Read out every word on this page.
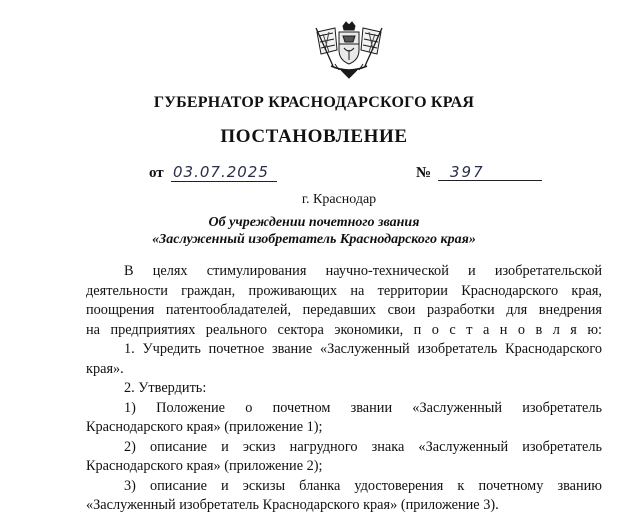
ГУБЕРНАТОР КРАСНОДАРСКОГО КРАЯ
ПОСТАНОВЛЕНИЕ
от 03.07.2025	№	397
г. Краснодар
Об учреждении почетного звания
«Заслуженный изобретатель Краснодарского края»

В целях стимулирования научно-технической и изобретательской

деятельности граждан, проживающих на территории Краснодарского края,

поощрения патентообладателей, передавших свои разработки для внедрения

на предприятиях реального сектора экономики, п о с т а н о в л я ю:

1. Учредить почетное звание «Заслуженный изобретатель Краснодарского

края».

2. Утвердить:

1) Положение о почетном звании «Заслуженный изобретатель

Краснодарского края» (приложение 1);

2) описание и эскиз нагрудного знака «Заслуженный изобретатель

Краснодарского края» (приложение 2);

3) описание и эскизы бланка удостоверения к почетному званию

«Заслуженный изобретатель Краснодарского края» (приложение 3).
